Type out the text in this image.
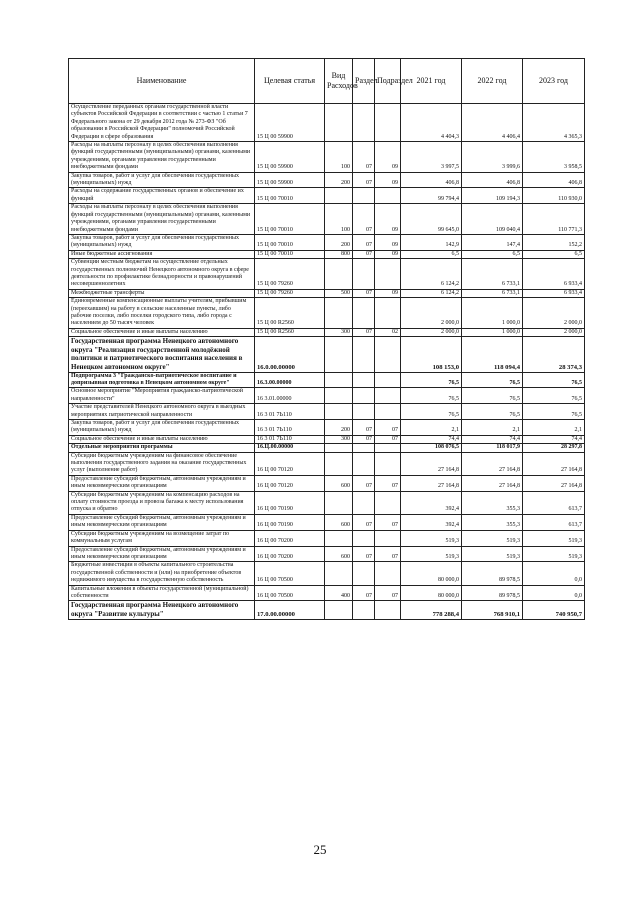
Наименование	Целевая статья	Вид Расходов	Раздел	Подраздел	2021 год	2022 год	2023 год
Осуществление переданных органам государственной власти субъектов Российской Федерации в соответствии с частью 1 статьи 7 Федерального закона от 29 декабря 2012 года № 273-ФЗ "Об образовании в Российской Федерации" полномочий Российской Федерации в сфере образования	15 Ц 00 59900				4 404,3	4 406,4	4 365,3
Расходы на выплаты персоналу в целях обеспечения выполнения функций государственными (муниципальными) органами, казенными учреждениями, органами управления государственными внебюджетными фондами	15 Ц 00 59900	100	07	09	3 997,5	3 999,6	3 958,5
Закупка товаров, работ и услуг для обеспечения государственных (муниципальных) нужд	15 Ц 00 59900	200	07	09	406,8	406,8	406,8
Расходы на содержание государственных органов и обеспечение их функций	15 Ц 00 70010				99 794,4	109 194,3	110 930,0
Расходы на выплаты персоналу в целях обеспечения выполнения функций государственными (муниципальными) органами, казенными учреждениями, органами управления государственными внебюджетными фондами	15 Ц 00 70010	100	07	09	99 645,0	109 040,4	110 771,3
Закупка товаров, работ и услуг для обеспечения государственных (муниципальных) нужд	15 Ц 00 70010	200	07	09	142,9	147,4	152,2
Иные бюджетные ассигнования	15 Ц 00 70010	800	07	09	6,5	6,5	6,5
Субвенции местным бюджетам на осуществление отдельных государственных полномочий Ненецкого автономного округа в сфере деятельности по профилактике безнадзорности и правонарушений несовершеннолетних	15 Ц 00 79260				6 124,2	6 733,1	6 933,4
Межбюджетные трансферты	15 Ц 00 79260	500	07	09	6 124,2	6 733,1	6 933,4
Единовременные компенсационные выплаты учителям, прибывшим (переехавшим) на работу в сельские населенные пункты, либо рабочие поселки, либо поселки городского типа, либо города с населением до 50 тысяч человек	15 Ц 00 R2560				2 000,0	1 000,0	2 000,0
Социальное обеспечение и иные выплаты населению	15 Ц 00 R2560	300	07	02	2 000,0	1 000,0	2 000,0
Государственная программа Ненецкого автономного округа "Реализация государственной молодёжной политики и патриотического воспитания населения в Ненецком автономном округе"	16.0.00.00000				108 153,0	118 094,4	28 374,3
Подпрограмма 3 "Гражданско-патриотическое воспитание и допризывная подготовка в Ненецком автономном округе"	16.3.00.00000				76,5	76,5	76,5
Основное мероприятие "Мероприятия гражданско-патриотической направленности"	16 3.01.00000				76,5	76,5	76,5
Участие представителей Ненецкого автономного округа в выездных мероприятиях патриотической направленности	16 3 01 7Ь110				76,5	76,5	76,5
Закупка товаров, работ и услуг для обеспечения государственных (муниципальных) нужд	16 3 01 7Ь110	200	07	07	2,1	2,1	2,1
Социальное обеспечение и иные выплаты населению	16 3 01 7Ь110	300	07	07	74,4	74,4	74,4
Отдельные мероприятия программы	16.Ц.00.00000				108 076,5	118 017,9	28 297,8
Субсидии бюджетным учреждениям на финансовое обеспечение выполнения государственного задания на оказание государственных услуг (выполнение работ)	16 Ц 00 70120				27 164,8	27 164,8	27 164,8
Предоставление субсидий бюджетным, автономным учреждениям и иным некоммерческим организациям	16 Ц 00 70120	600	07	07	27 164,8	27 164,8	27 164,8
Субсидии бюджетным учреждениям на компенсацию расходов на оплату стоимости проезда и провоза багажа к месту использования отпуска и обратно	16 Ц 00 70190				392,4	355,3	613,7
Предоставление субсидий бюджетным, автономным учреждениям и иным некоммерческим организациям	16 Ц 00 70190	600	07	07	392,4	355,3	613,7
Субсидии бюджетным учреждениям на возмещение затрат по коммунальным услугам	16 Ц 00 70200				519,3	519,3	519,3
Предоставление субсидий бюджетным, автономным учреждениям и иным некоммерческим организациям	16 Ц 00 70200	600	07	07	519,3	519,3	519,3
Бюджетные инвестиции в объекты капитального строительства государственной собственности и (или) на приобретение объектов недвижимого имущества в государственную собственность	16 Ц 00 70500				80 000,0	89 978,5	0,0
Капитальные вложения в объекты государственной (муниципальной) собственности	16 Ц 00 70500	400	07	07	80 000,0	89 978,5	0,0
Государственная программа Ненецкого автономного округа "Развитие культуры"	17.0.00.00000				778 288,4	768 910,1	740 950,7
25
